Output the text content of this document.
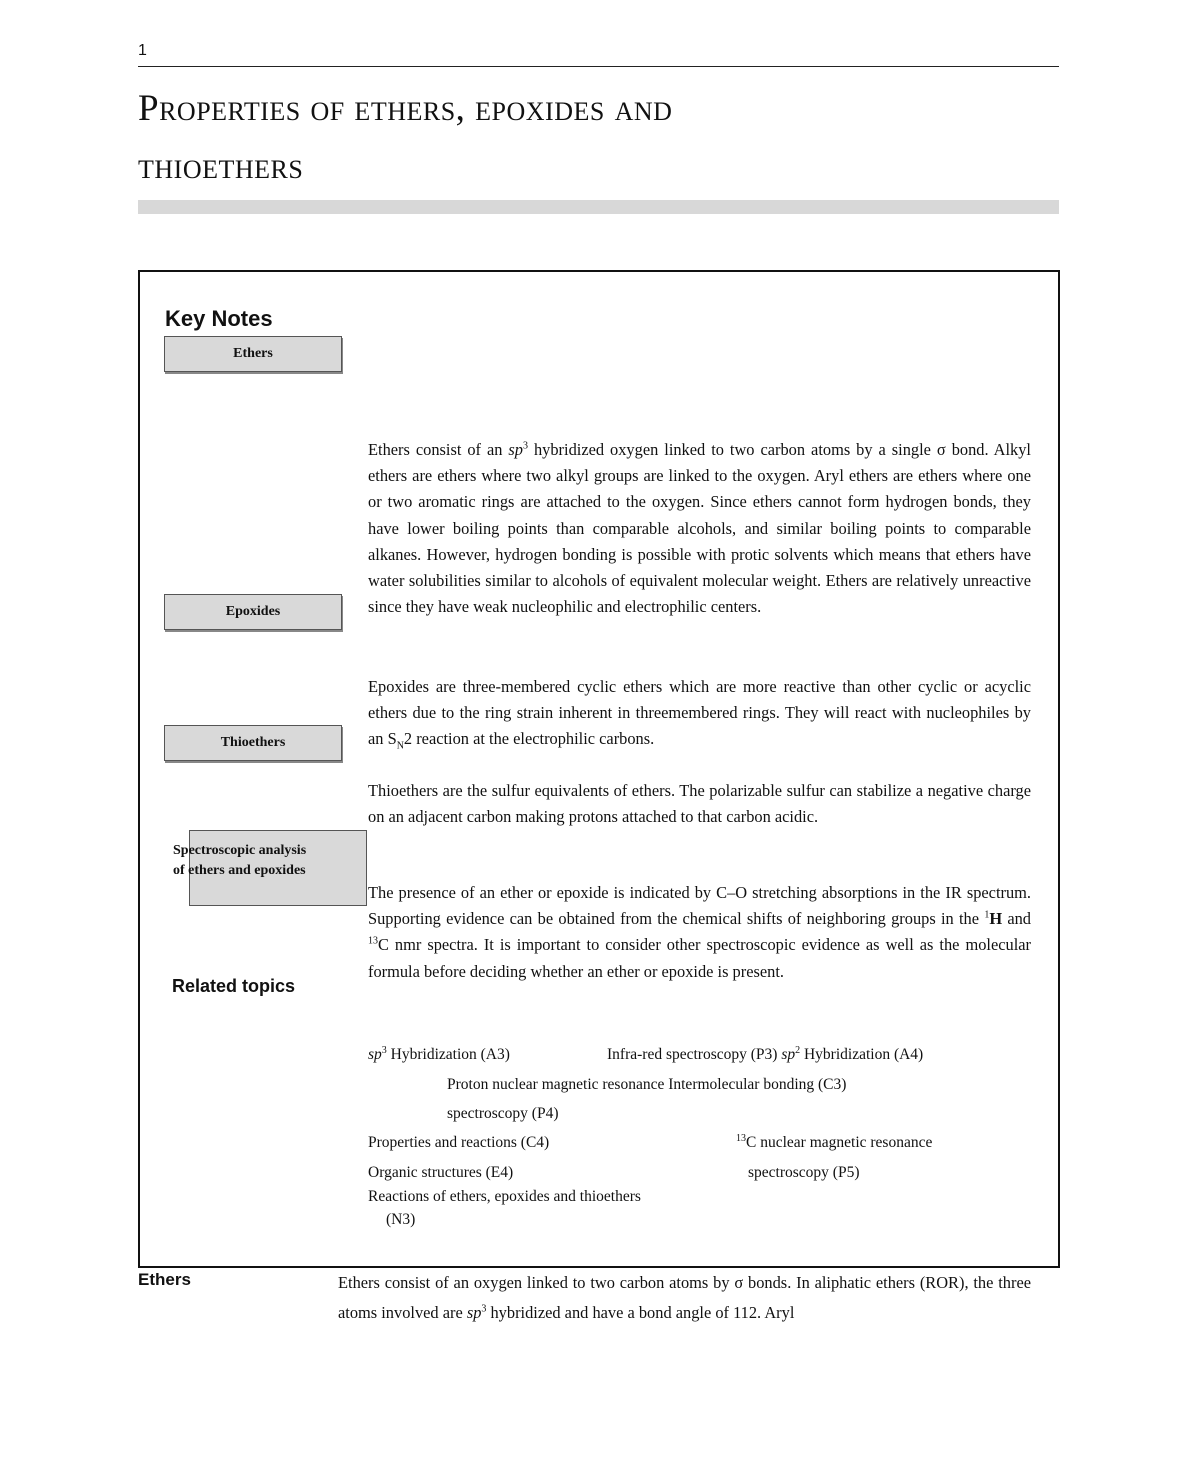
1
Properties of ethers, epoxides and
thioethers
Key Notes
Ethers
Epoxides
Thioethers
Spectroscopic analysis
of ethers and epoxides
Related topics

Ethers consist of an $sp^3$ hybridized oxygen linked to two carbon atoms by a single σ bond. Alkyl ethers are ethers where two alkyl groups are linked to the oxygen. Aryl ethers are ethers where one or two aromatic rings are attached to the oxygen. Since ethers cannot form hydrogen bonds, they have lower boiling points than comparable alcohols, and similar boiling points to comparable alkanes. However, hydrogen bonding is possible with protic solvents which means that ethers have water solubilities similar to alcohols of equivalent molecular weight. Ethers are relatively unreactive since they have weak nucleophilic and electrophilic centers.

Epoxides are three-membered cyclic ethers which are more reactive than other cyclic or acyclic ethers due to the ring strain inherent in threemembered rings. They will react with nucleophiles by an $S_N2$ reaction at the electrophilic carbons.

Thioethers are the sulfur equivalents of ethers. The polarizable sulfur can stabilize a negative charge on an adjacent carbon making protons attached to that carbon acidic.

The presence of an ether or epoxide is indicated by C–O stretching absorptions in the IR spectrum. Supporting evidence can be obtained from the chemical shifts of neighboring groups in the $^1$H and $^{13}$C nmr spectra. It is important to consider other spectroscopic evidence as well as the molecular formula before deciding whether an ether or epoxide is present.

$sp^3$ Hybridization (A3)	Infra-red spectroscopy (P3) $sp^2$ Hybridization (A4)
Proton nuclear magnetic resonance Intermolecular bonding (C3)
spectroscopy (P4)
Properties and reactions (C4)	$^{13}$C nuclear magnetic resonance
Organic structures (E4)	spectroscopy (P5)
Reactions of ethers, epoxides and thioethers
(N3)
Ethers	Ethers consist of an oxygen linked to two carbon atoms by σ bonds. In aliphatic ethers (ROR), the three atoms involved are $sp^3$ hybridized and have a bond angle of 112. Aryl
